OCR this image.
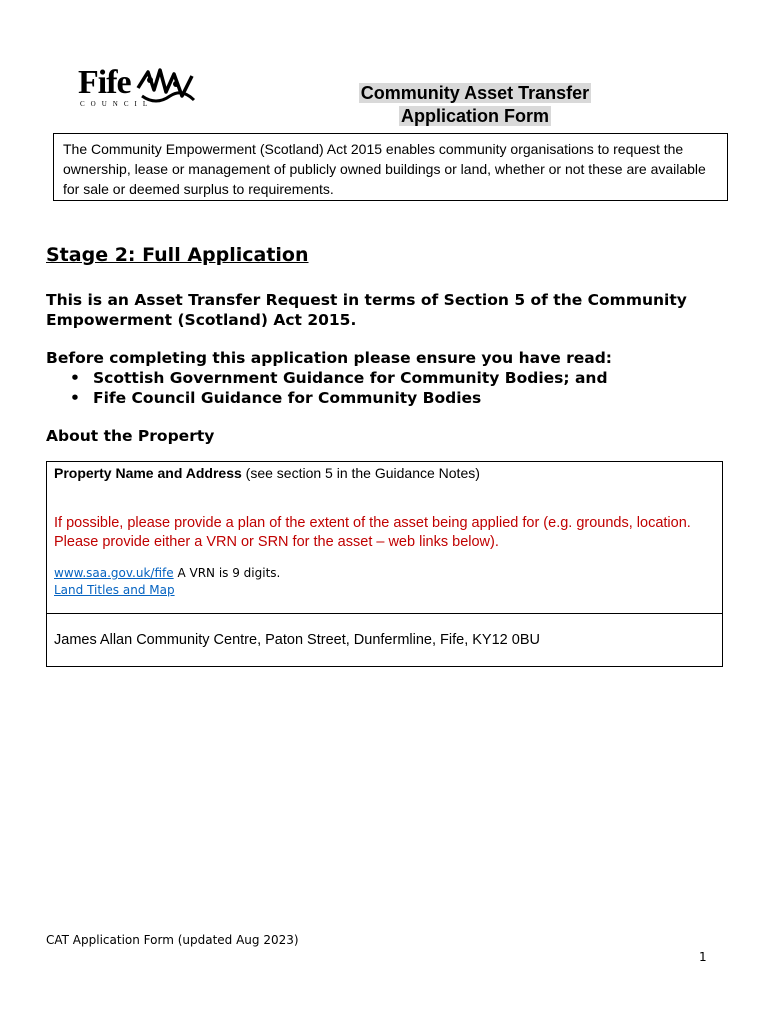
Fife
COUNCIL
Community Asset Transfer
Application Form
The Community Empowerment (Scotland) Act 2015 enables community organisations to request the ownership, lease or management of publicly owned buildings or land, whether or not these are available for sale or deemed surplus to requirements.
Stage 2: Full Application
This is an Asset Transfer Request in terms of Section 5 of the Community Empowerment (Scotland) Act 2015.
Before completing this application please ensure you have read:
• Scottish Government Guidance for Community Bodies; and
• Fife Council Guidance for Community Bodies
About the Property
Property Name and Address (see section 5 in the Guidance Notes)
If possible, please provide a plan of the extent of the asset being applied for (e.g. grounds, location. Please provide either a VRN or SRN for the asset – web links below).
www.saa.gov.uk/fife A VRN is 9 digits.
Land Titles and Map
James Allan Community Centre, Paton Street, Dunfermline, Fife, KY12 0BU
CAT Application Form (updated Aug 2023)
1
